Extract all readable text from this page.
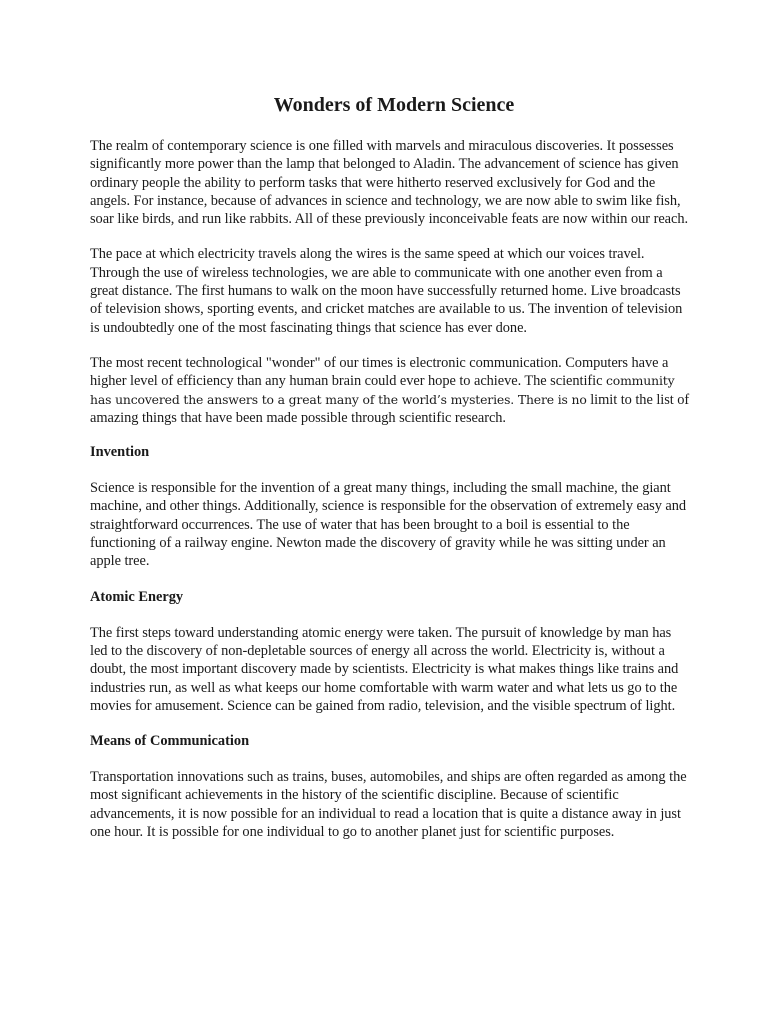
Wonders of Modern Science

The realm of contemporary science is one filled with marvels and miraculous discoveries. It possesses significantly more power than the lamp that belonged to Aladin. The advancement of science has given ordinary people the ability to perform tasks that were hitherto reserved exclusively for God and the angels. For instance, because of advances in science and technology, we are now able to swim like fish, soar like birds, and run like rabbits. All of these previously inconceivable feats are now within our reach.

The pace at which electricity travels along the wires is the same speed at which our voices travel. Through the use of wireless technologies, we are able to communicate with one another even from a great distance. The first humans to walk on the moon have successfully returned home. Live broadcasts of television shows, sporting events, and cricket matches are available to us. The invention of television is undoubtedly one of the most fascinating things that science has ever done.

The most recent technological "wonder" of our times is electronic communication. Computers have a higher level of efficiency than any human brain could ever hope to achieve. The scientific community has uncovered the answers to a great many of the world’s mysteries. There is no limit to the list of amazing things that have been made possible through scientific research.

Invention

Science is responsible for the invention of a great many things, including the small machine, the giant machine, and other things. Additionally, science is responsible for the observation of extremely easy and straightforward occurrences. The use of water that has been brought to a boil is essential to the functioning of a railway engine. Newton made the discovery of gravity while he was sitting under an apple tree.

Atomic Energy

The first steps toward understanding atomic energy were taken. The pursuit of knowledge by man has led to the discovery of non-depletable sources of energy all across the world. Electricity is, without a doubt, the most important discovery made by scientists. Electricity is what makes things like trains and industries run, as well as what keeps our home comfortable with warm water and what lets us go to the movies for amusement. Science can be gained from radio, television, and the visible spectrum of light.

Means of Communication

Transportation innovations such as trains, buses, automobiles, and ships are often regarded as among the most significant achievements in the history of the scientific discipline. Because of scientific advancements, it is now possible for an individual to read a location that is quite a distance away in just one hour. It is possible for one individual to go to another planet just for scientific purposes.
